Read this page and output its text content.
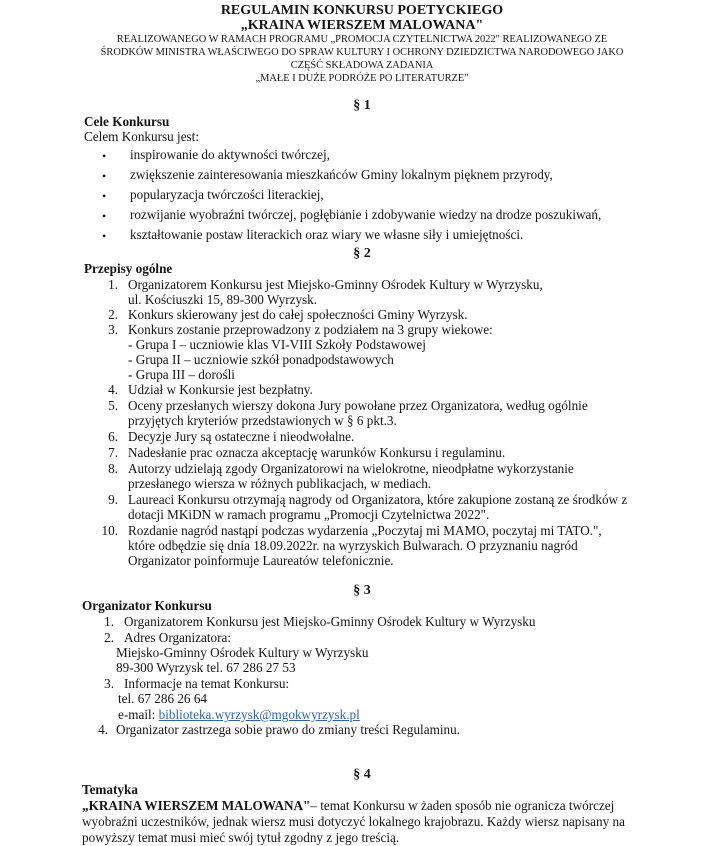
REGULAMIN KONKURSU POETYCKIEGO
„KRAINA WIERSZEM MALOWANA"
REALIZOWANEGO W RAMACH PROGRAMU „PROMOCJA CZYTELNICTWA 2022" REALIZOWANEGO ZE
ŚRODKÓW MINISTRA WŁAŚCIWEGO DO SPRAW KULTURY I OCHRONY DZIEDZICTWA NARODOWEGO JAKO
CZĘŚĆ SKŁADOWA ZADANIA
„MAŁE I DUŻE PODRÓŻE PO LITERATURZE"
§ 1
Cele Konkursu
Celem Konkursu jest:
• inspirowanie do aktywności twórczej,
• zwiększenie zainteresowania mieszkańców Gminy lokalnym pięknem przyrody,
• popularyzacja twórczości literackiej,
• rozwijanie wyobraźni twórczej, pogłębianie i zdobywanie wiedzy na drodze poszukiwań,
• kształtowanie postaw literackich oraz wiary we własne siły i umiejętności.
§ 2
Przepisy ogólne
1. Organizatorem Konkursu jest Miejsko-Gminny Ośrodek Kultury w Wyrzysku,
ul. Kościuszki 15, 89-300 Wyrzysk.
2. Konkurs skierowany jest do całej społeczności Gminy Wyrzysk.
3. Konkurs zostanie przeprowadzony z podziałem na 3 grupy wiekowe:
- Grupa I – uczniowie klas VI-VIII Szkoły Podstawowej
- Grupa II – uczniowie szkół ponadpodstawowych
- Grupa III – dorośli
4. Udział w Konkursie jest bezpłatny.
5. Oceny przesłanych wierszy dokona Jury powołane przez Organizatora, według ogólnie
przyjętych kryteriów przedstawionych w § 6 pkt.3.
6. Decyzje Jury są ostateczne i nieodwołalne.
7. Nadesłanie prac oznacza akceptację warunków Konkursu i regulaminu.
8. Autorzy udzielają zgody Organizatorowi na wielokrotne, nieodpłatne wykorzystanie
przesłanego wiersza w różnych publikacjach, w mediach.
9. Laureaci Konkursu otrzymają nagrody od Organizatora, które zakupione zostaną ze środków z
dotacji MKiDN w ramach programu „Promocji Czytelnictwa 2022".
10. Rozdanie nagród nastąpi podczas wydarzenia „Poczytaj mi MAMO, poczytaj mi TATO.",
które odbędzie się dnia 18.09.2022r. na wyrzyskich Bulwarach. O przyznaniu nagród
Organizator poinformuje Laureatów telefonicznie.
§ 3
Organizator Konkursu
1. Organizatorem Konkursu jest Miejsko-Gminny Ośrodek Kultury w Wyrzysku
2. Adres Organizatora:
Miejsko-Gminny Ośrodek Kultury w Wyrzysku
89-300 Wyrzysk tel. 67 286 27 53
3. Informacje na temat Konkursu:
tel. 67 286 26 64
e-mail: biblioteka.wyrzysk@mgokwyrzysk.pl
4. Organizator zastrzega sobie prawo do zmiany treści Regulaminu.
§ 4
Tematyka
„KRAINA WIERSZEM MALOWANA"– temat Konkursu w żaden sposób nie ogranicza twórczej
wyobraźni uczestników, jednak wiersz musi dotyczyć lokalnego krajobrazu. Każdy wiersz napisany na
powyższy temat musi mieć swój tytuł zgodny z jego treścią.
